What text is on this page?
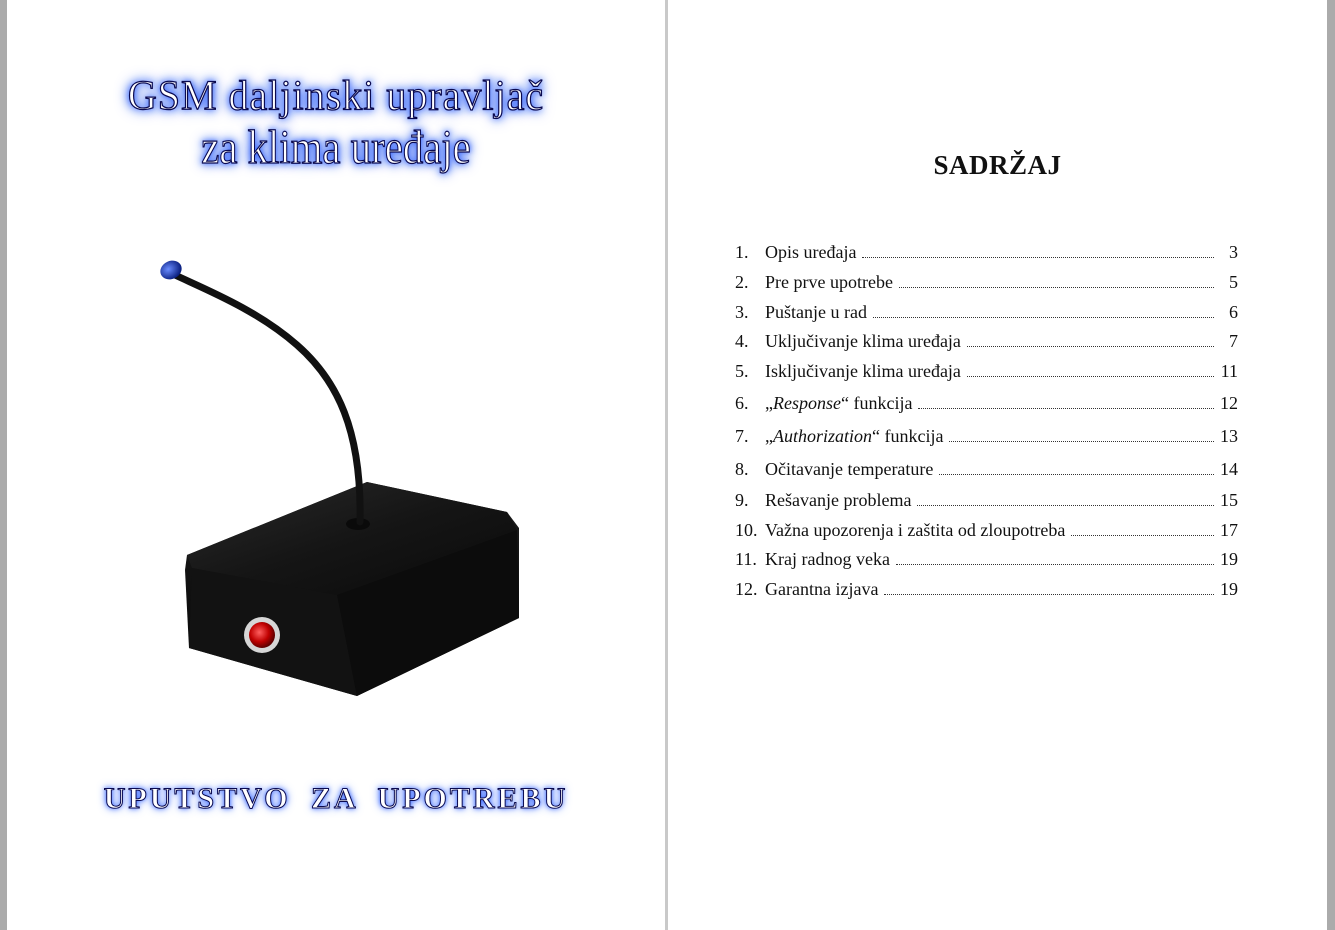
GSM daljinski upravljač
za klima uređaje
UPUTSTVO ZA UPOTREBU
SADRŽAJ
1. Opis uređaja	3
2. Pre prve upotrebe	5
3. Puštanje u rad	6
4. Uključivanje klima uređaja	7
5. Isključivanje klima uređaja	11
6. „Response“ funkcija	12
7. „Authorization“ funkcija	13
8. Očitavanje temperature	14
9. Rešavanje problema	15
10. Važna upozorenja i zaštita od zloupotreba	17
11. Kraj radnog veka	19
12. Garantna izjava	19
